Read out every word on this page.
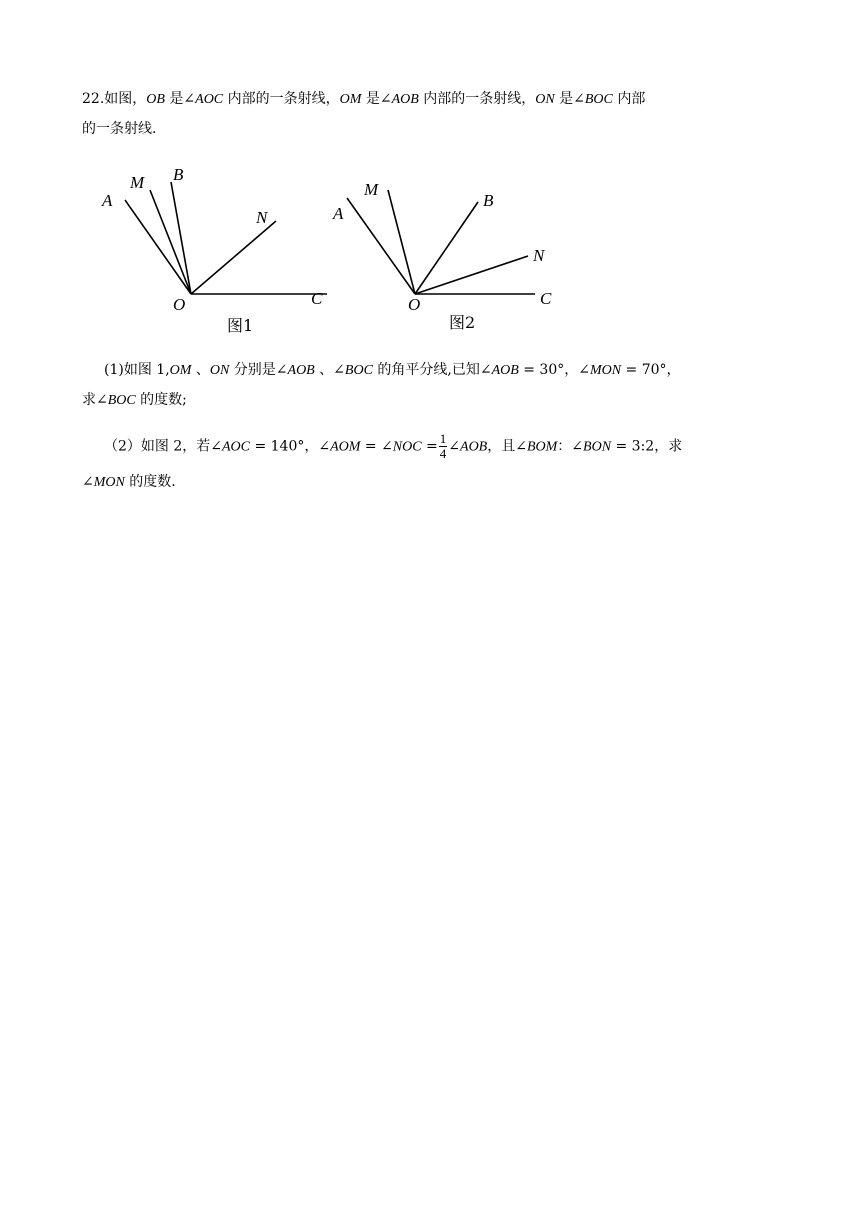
22.如图，OB 是∠AOC 内部的一条射线，OM 是∠AOB 内部的一条射线，ON 是∠BOC 内部
的一条射线.
A
M B
N
O	C
图1
A
M
B
N
O	C
图2
(1)如图 1,OM 、ON 分别是∠AOB 、∠BOC 的角平分线,已知∠AOB = 30°，∠MON = 70°，
求∠BOC 的度数;
（2）如图 2，若∠AOC = 140°，∠AOM = ∠NOC = $\frac{1}{4}$ ∠AOB，且∠BOM：∠BON = 3:2，求
∠MON 的度数.
